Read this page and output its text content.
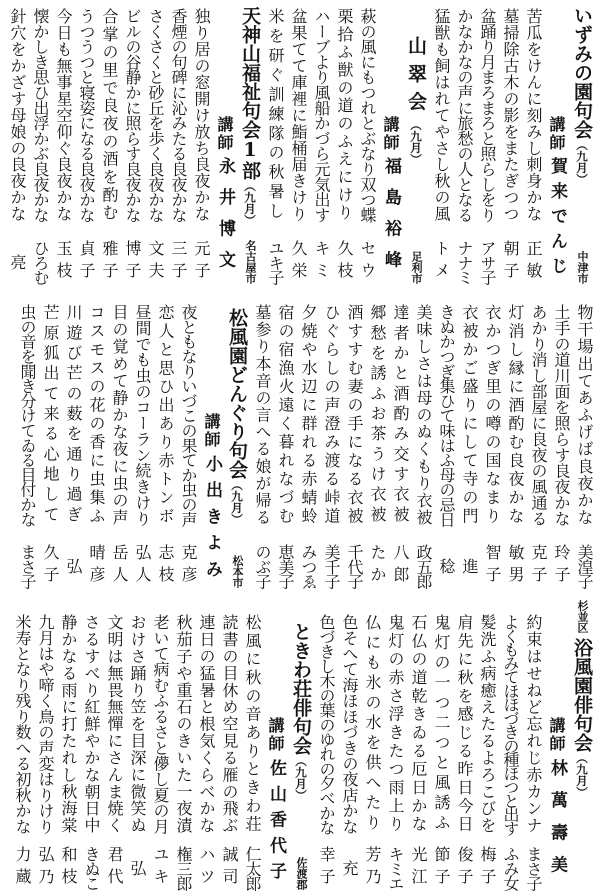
いずみの園句会（九月）
中津市
講師
賀来でんじ
苦瓜をけんに刻みし刺身かな
正敏
墓掃除古木の影をまたぎつつ
朝子
盆踊り月まろまろと照らしをり
アサ子
かなかなの声に旅愁の人となる
ナナミ
猛獣も飼はれてやさし秋の風
トメ
山翠会（九月）
足利市
講師
福島裕峰
萩の風にもつれとぶなり双つ蝶
セウ
栗拾ふ獣の道のふえにけり
久枝
ハーブより風船かづら元気出す
キミ
盆果てて庫裡に鮨桶届きけり
久栄
米を研ぐ訓練隊の秋暑し
ユキ子
天神山福祉句会1部（九月）
名古屋市
講師
永井博文
独り居の窓開け放ち良夜かな
元子
香煙の句碑に沁みたる良夜かな
三子
さくさくと砂丘を歩く良夜かな
文夫
ビルの谷静かに照らす良夜かな
博子
合掌の里で良夜の酒を酌む
雅子
うつうつと寝姿になる良夜かな
貞子
今日も無事星空仰ぐ良夜かな
玉枝
懐かしき思ひ出浮かぶ良夜かな
ひろむ
針穴をかざす母娘の良夜かな
亮
物干場出てあふげば良夜かな
美湟子
土手の道川面を照らす良夜かな
玲子
あかり消し部屋に良夜の風通る
克子
灯消し縁に酒酌む良夜かな
敏男
衣かつぎ里の噂の国なまり
智子
衣被かご盛りにして寺の門
進
きぬかつぎ集ひて味はふ母の忌日
稔
美味しさは母のぬくもり衣被
政五郎
達者かと酒酌み交す衣被
八郎
郷愁を誘ふお茶うけ衣被
たか
酒すすむ妻の手になる衣被
千代子
ひぐらしの声澄み渡る峠道
美千子
夕焼や水辺に群れる赤蜻蛉
みつゑ
宿の宿漁火遠く暮れなづむ
恵美子
墓参り本音の言へる娘が帰る
のぶ子
松風園どんぐり句会（九月）
松本市
講師
小出きよみ
夜ともなりいづこの果てか虫の声
克彦
恋人と思ひ出あり赤トンボ
志枝
昼間でも虫のコーラン続きけり
弘人
目の覚めて静かな夜に虫の声
岳人
コスモスの花の香に虫集ふ
晴彦
川遊び芒の薮を通り過ぎ
弘
芒原狐出て来る心地して
久子
虫の音を聞き分けてゐる目付かな
まさ子
浴風園俳句会（九月）
杉並区
講師
林萬壽美
約束はせねど忘れじ赤カンナ
まさ子
よくもみてほほづきの種ほつと出す
ふみ女
髪洗ふ病癒えたるよろこびを
梅子
肩先に秋を感じる昨日今日
俊子
鬼灯の一つ二つと風誘ふ
節子
石仏の道乾きゐる厄日かな
光江
鬼灯の赤さ浮きたつ雨上り
キミエ
仏にも氷の水を供へたり
芳乃
色そへて海ほほづきの夜店かな
充
色づきし木の葉のゆれの夕べかな
幸子
ときわ荘俳句会（九月）
佐渡郡
講師
佐山香代子
松風に秋の音ありときわ荘
仁太郎
読書の目休め空見る雁の飛ぶ
誠司
連日の猛暑と根気くらべかな
ハツ
秋茄子や重石のきいた一夜漬
権三郎
老いて病むふるさと儚し夏の月
ユキ
おけさ踊り笠を目深に微笑ぬ
弘
文明は無畏無憚にさんま焼く
君代
さるすべり紅鮮やかな朝日中
きぬこ
静かなる雨に打たれし秋海棠
和枝
九月はや啼く鳥の声変はりけり
弘乃
米寿となり残り数へる初秋かな
力蔵
